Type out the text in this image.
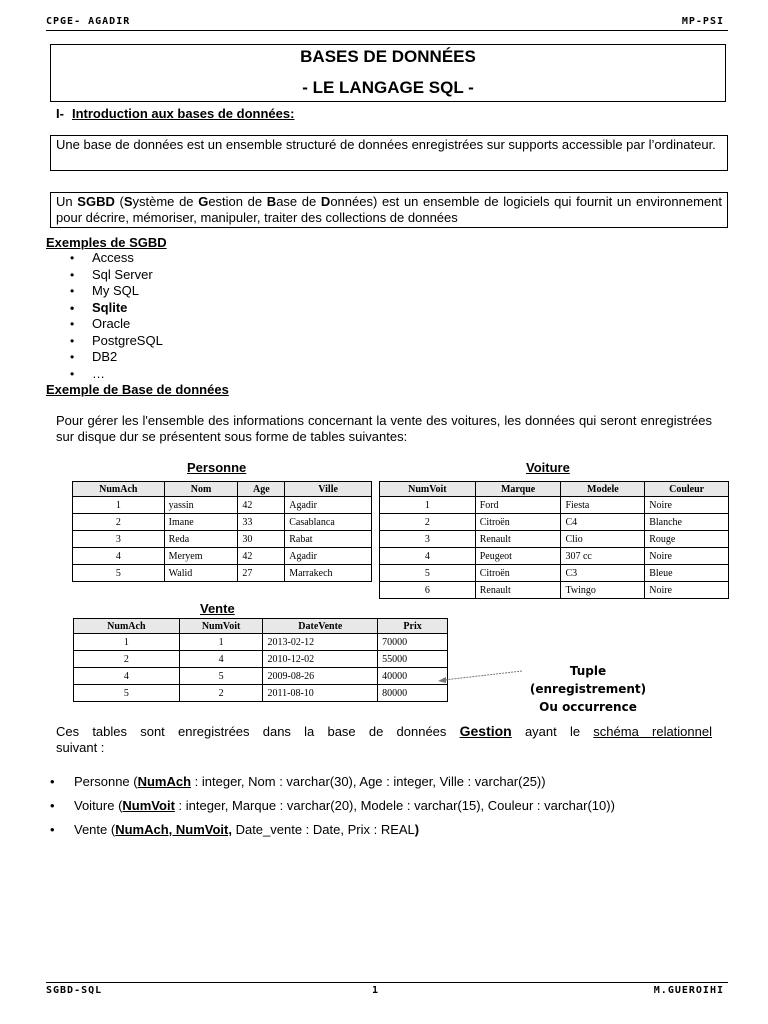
CPGE- AGADIR	MP-PSI
BASES DE DONNÉES
- LE LANGAGE SQL -
I- Introduction aux bases de données:
Une base de données est un ensemble structuré de données enregistrées sur supports accessible par l’ordinateur.
Un SGBD (Système de Gestion de Base de Données) est un ensemble de logiciels qui fournit un environnement pour décrire, mémoriser, manipuler, traiter des collections de données
Exemples de SGBD
• Access
• Sql Server
• My SQL
• Sqlite
• Oracle
• PostgreSQL
• DB2
• …
Exemple de Base de données
Pour gérer les l'ensemble des informations concernant la vente des voitures, les données qui seront enregistrées sur disque dur se présentent sous forme de tables suivantes:
Personne	Voiture
Vente
NumAch	Nom	Age	Ville
1	yassin	42	Agadir
2	Imane	33	Casablanca
3	Reda	30	Rabat
4	Meryem	42	Agadir
5	Walid	27	Marrakech
NumVoit	Marque	Modele	Couleur
1	Ford	Fiesta	Noire
2	Citroën	C4	Blanche
3	Renault	Clio	Rouge
4	Peugeot	307 cc	Noire
5	Citroën	C3	Bleue
6	Renault	Twingo	Noire
NumAch	NumVoit	DateVente	Prix
1	1	2013-02-12	70000
2	4	2010-12-02	55000
4	5	2009-08-26	40000
5	2	2011-08-10	80000
Tuple (enregistrement)
Ou occurrence
Ces tables sont enregistrées dans la base de données Gestion ayant le schéma relationnel
suivant :
• Personne (NumAch : integer, Nom : varchar(30), Age : integer, Ville : varchar(25))
• Voiture (NumVoit : integer, Marque : varchar(20), Modele : varchar(15), Couleur : varchar(10))
• Vente (NumAch, NumVoit, Date_vente : Date, Prix : REAL)
SGBD-SQL	1	M.GUEROIHI
